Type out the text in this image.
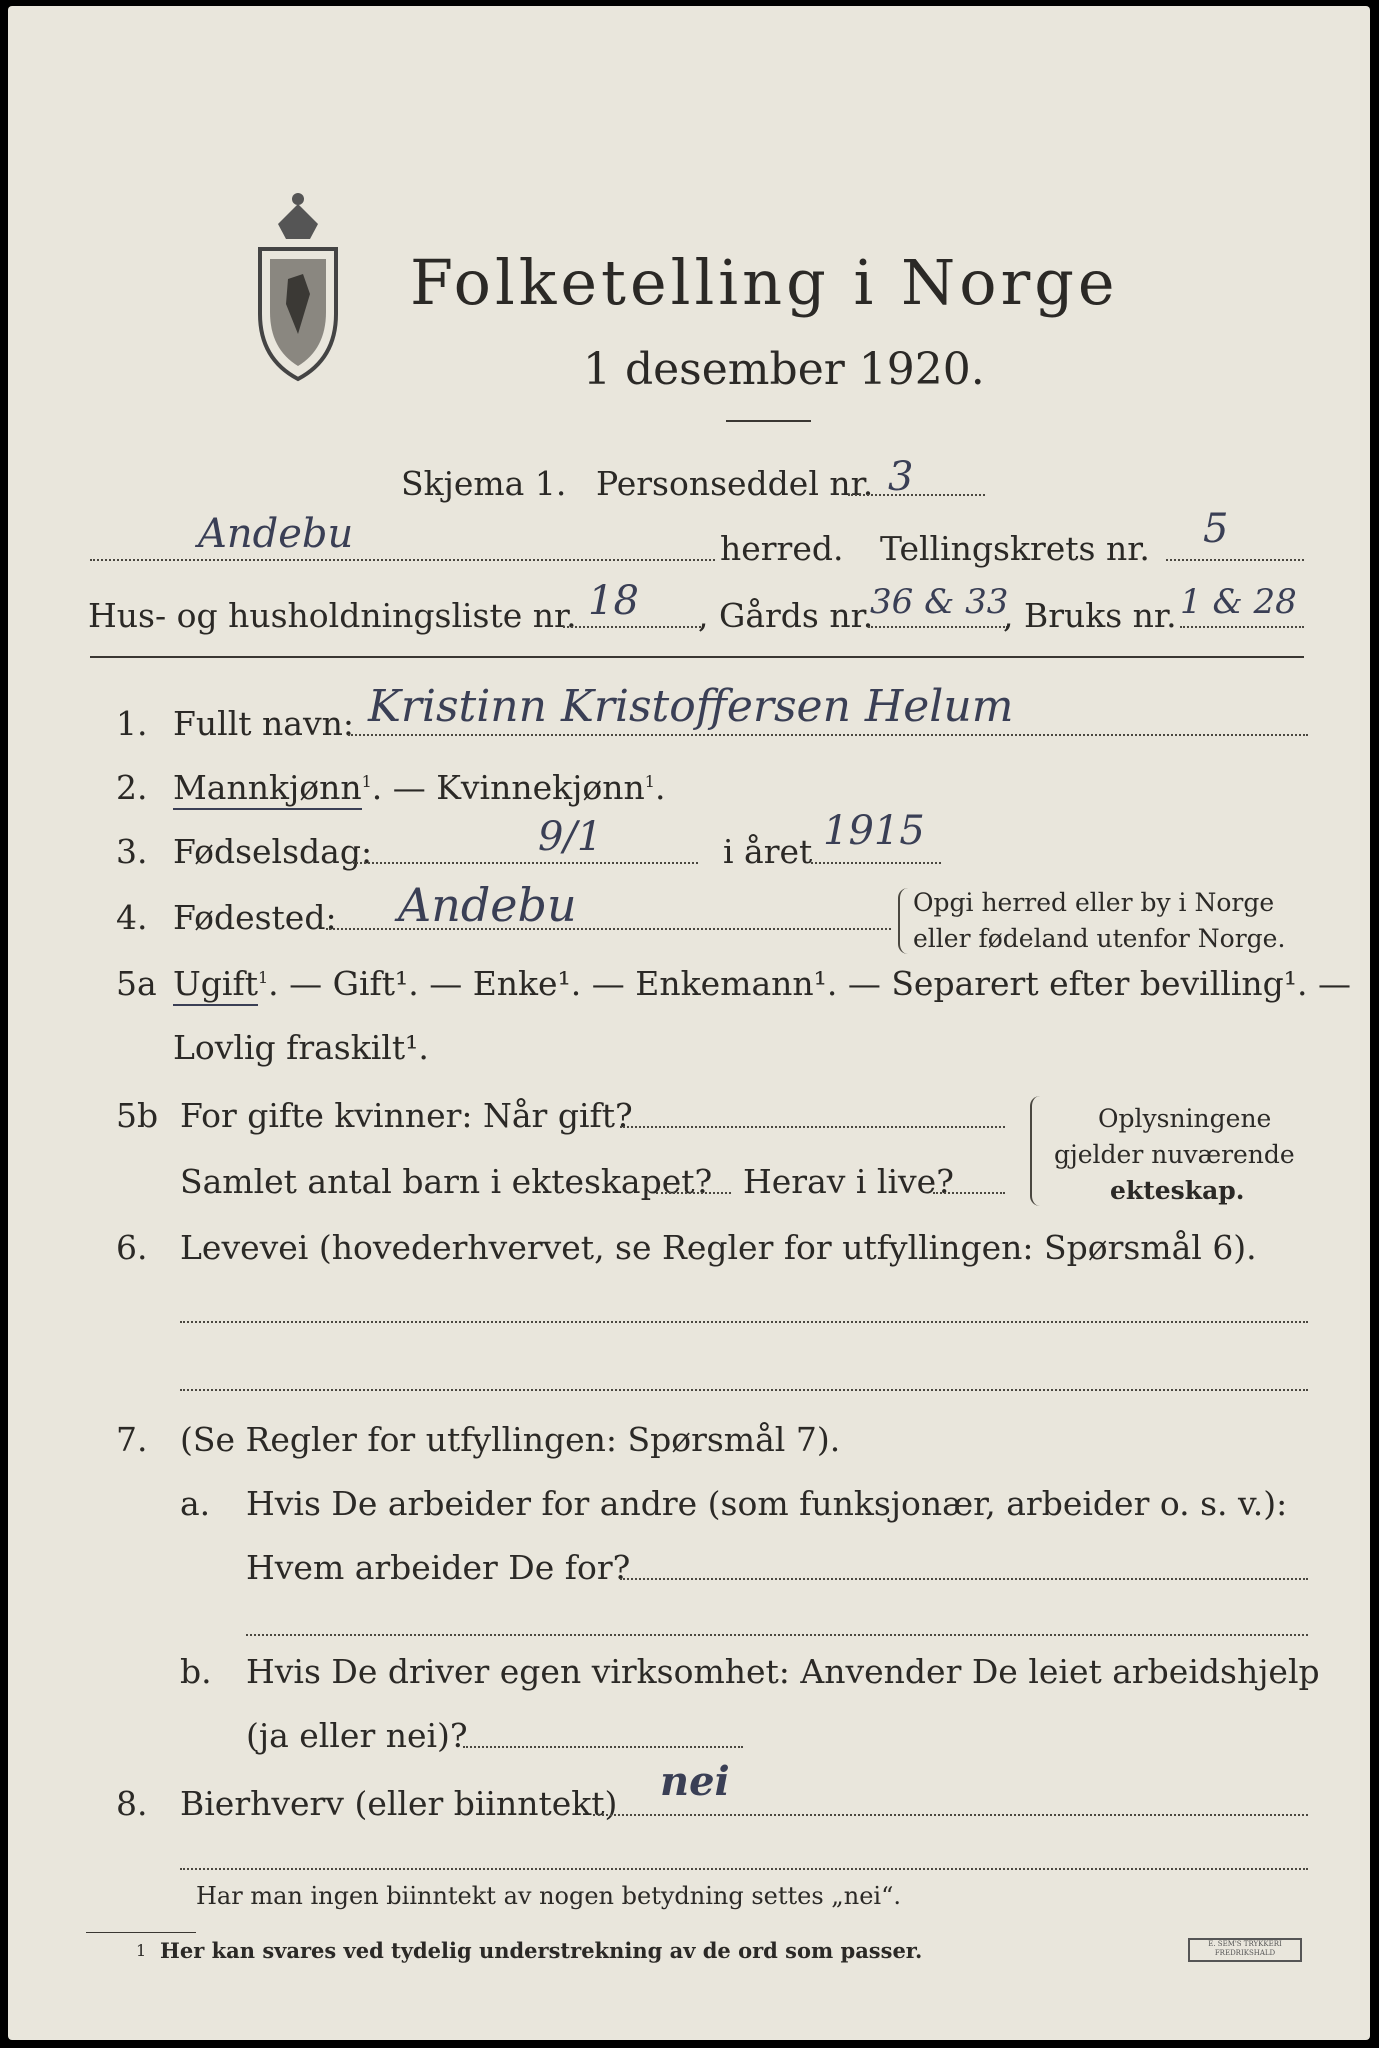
Folketelling i Norge
1 desember 1920.
Skjema 1. Personseddel nr. 3
Andebu	herred. Tellingskrets nr. 5
Hus- og husholdningsliste nr. 18 , Gårds nr.
36 & 33
, Bruks nr. 1 & 28
1. Fullt navn: Kristinn Kristoffersen Helum
2. Mannkjønn$^1$. — Kvinnekjønn$^1$.
3. Fødselsdag:	9/1	i året 1915
4. Fødested: Andebu	Opgi herred eller by i Norge
eller fødeland utenfor Norge.
5a Ugift$^1$. — Gift¹. — Enke¹. — Enkemann¹. — Separert efter bevilling¹. —
Lovlig fraskilt¹.
5b For gifte kvinner: Når gift?
Samlet antal barn i ekteskapet? Herav i live?
Oplysningene
gjelder nuværende
ekteskap.
6. Levevei (hovederhvervet, se Regler for utfyllingen: Spørsmål 6).
7. (Se Regler for utfyllingen: Spørsmål 7).
a. Hvis De arbeider for andre (som funksjonær, arbeider o. s. v.):
Hvem arbeider De for?
b. Hvis De driver egen virksomhet: Anvender De leiet arbeidshjelp
(ja eller nei)?
8. Bierhverv (eller biinntekt) nei
Har man ingen biinntekt av nogen betydning settes „nei“.
1 Her kan svares ved tydelig understrekning av de ord som passer.	E. SEM'S TRYKKERI FREDRIKSHALD
